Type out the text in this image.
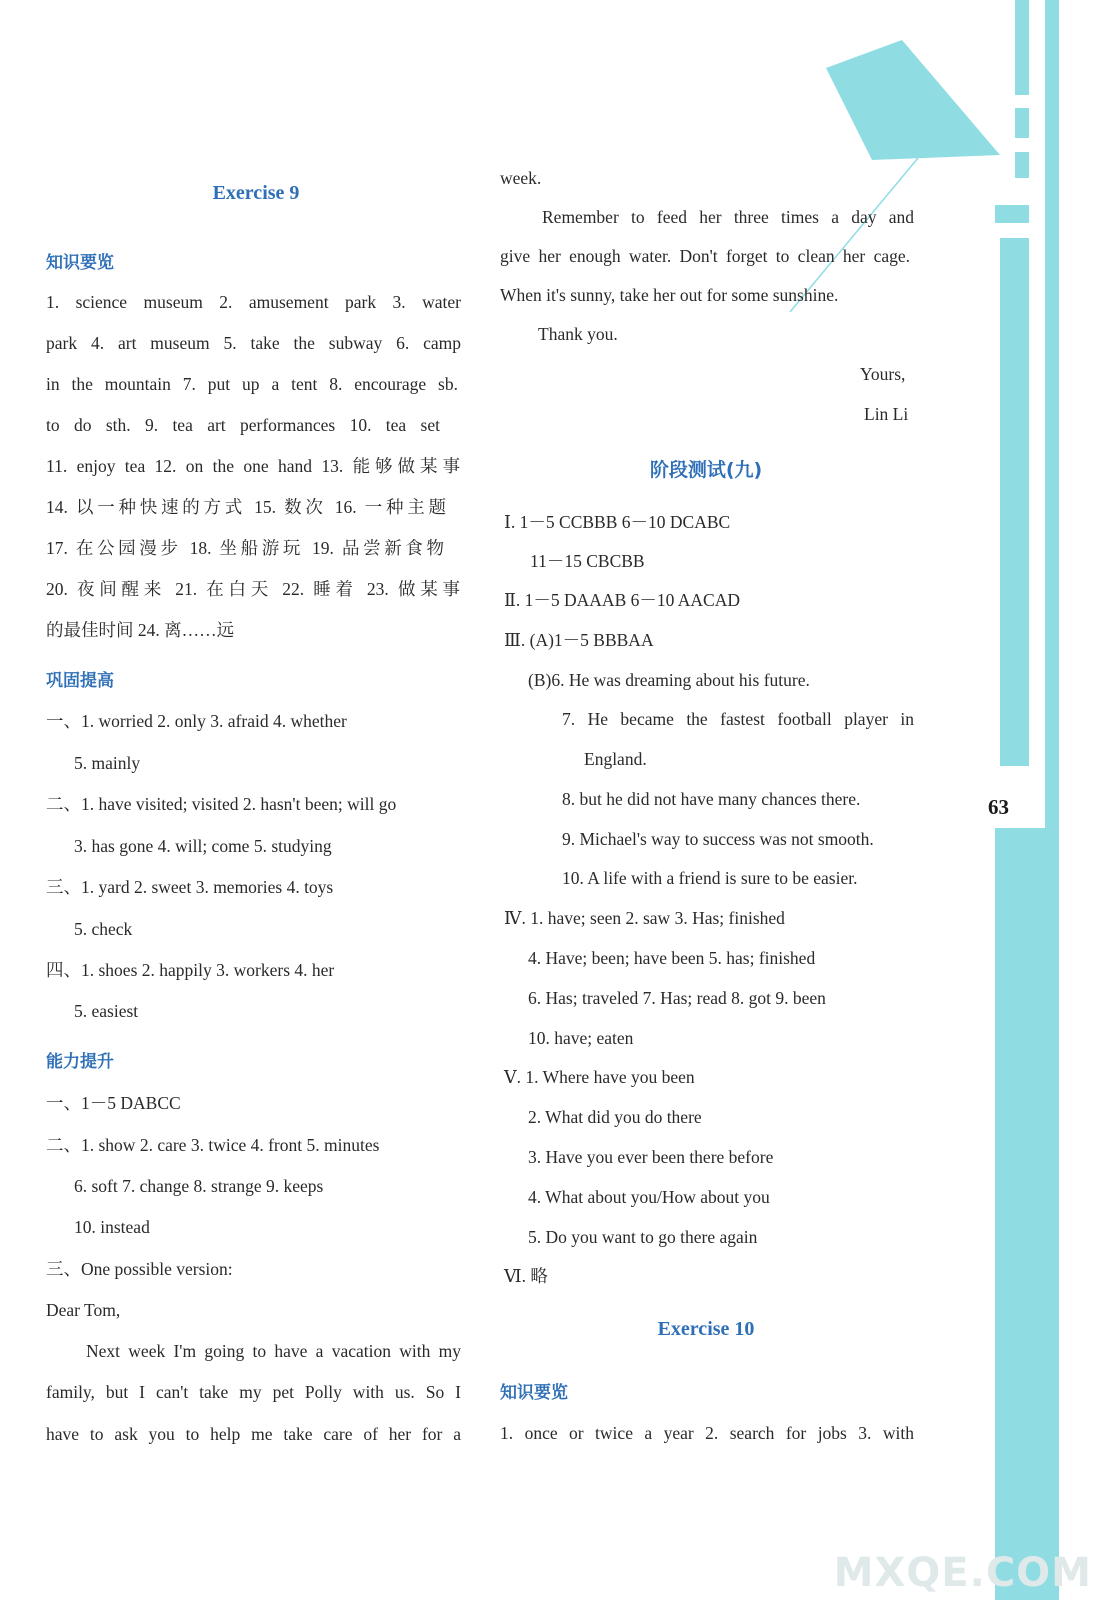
Exercise 9
知识要览
1. science museum 2. amusement park 3. water
park 4. art museum 5. take the subway 6. camp
in the mountain 7. put up a tent 8. encourage sb.
to do sth. 9. tea art performances 10. tea set
11. enjoy tea 12. on the one hand 13. 能够做某事
14. 以一种快速的方式 15. 数次 16. 一种主题
17. 在公园漫步 18. 坐船游玩 19. 品尝新食物
20. 夜间醒来 21. 在白天 22. 睡着 23. 做某事
的最佳时间 24. 离……远
巩固提高
一、1. worried 2. only 3. afraid 4. whether
5. mainly
二、1. have visited; visited 2. hasn't been; will go
3. has gone 4. will; come 5. studying
三、1. yard 2. sweet 3. memories 4. toys
5. check
四、1. shoes 2. happily 3. workers 4. her
5. easiest
能力提升
一、1－5 DABCC
二、1. show 2. care 3. twice 4. front 5. minutes
6. soft 7. change 8. strange 9. keeps
10. instead
三、One possible version:
Dear Tom,
Next week I'm going to have a vacation with my
family, but I can't take my pet Polly with us. So I
have to ask you to help me take care of her for a
week.
Remember to feed her three times a day and
give her enough water. Don't forget to clean her cage.
When it's sunny, take her out for some sunshine.
Thank you.
Yours,
Lin Li
阶段测试(九)
Ⅰ. 1－5 CCBBB 6－10 DCABC
11－15 CBCBB
Ⅱ. 1－5 DAAAB 6－10 AACAD
Ⅲ. (A)1－5 BBBAA
(B)6. He was dreaming about his future.
7. He became the fastest football player in
England.
8. but he did not have many chances there.
9. Michael's way to success was not smooth.
10. A life with a friend is sure to be easier.
Ⅳ. 1. have; seen 2. saw 3. Has; finished
4. Have; been; have been 5. has; finished
6. Has; traveled 7. Has; read 8. got 9. been
10. have; eaten
Ⅴ. 1. Where have you been
2. What did you do there
3. Have you ever been there before
4. What about you/How about you
5. Do you want to go there again
Ⅵ. 略
Exercise 10
知识要览
1. once or twice a year 2. search for jobs 3. with
63
MXQE.COM
